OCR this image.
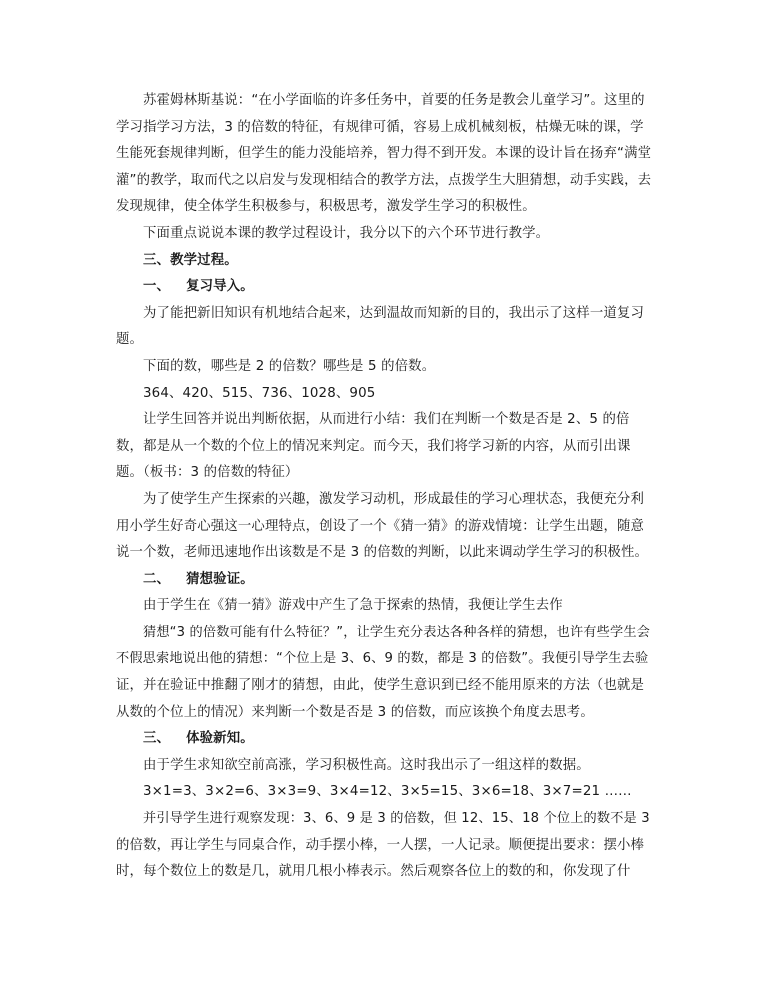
苏霍姆林斯基说：“在小学面临的许多任务中，首要的任务是教会儿童学习”。这里的
学习指学习方法，3 的倍数的特征，有规律可循，容易上成机械刻板，枯燥无味的课，学
生能死套规律判断，但学生的能力没能培养，智力得不到开发。本课的设计旨在扬弃“满堂
灌”的教学，取而代之以启发与发现相结合的教学方法，点拨学生大胆猜想，动手实践，去
发现规律，使全体学生积极参与，积极思考，激发学生学习的积极性。
下面重点说说本课的教学过程设计，我分以下的六个环节进行教学。
三、教学过程。
一、 复习导入。
为了能把新旧知识有机地结合起来，达到温故而知新的目的，我出示了这样一道复习
题。
下面的数，哪些是 2 的倍数？哪些是 5 的倍数。
364、420、515、736、1028、905
让学生回答并说出判断依据，从而进行小结：我们在判断一个数是否是 2、5 的倍
数，都是从一个数的个位上的情况来判定。而今天，我们将学习新的内容，从而引出课
题。（板书：3 的倍数的特征）
为了使学生产生探索的兴趣，激发学习动机，形成最佳的学习心理状态，我便充分利
用小学生好奇心强这一心理特点，创设了一个《猜一猜》的游戏情境：让学生出题，随意
说一个数，老师迅速地作出该数是不是 3 的倍数的判断，以此来调动学生学习的积极性。
二、 猜想验证。
由于学生在《猜一猜》游戏中产生了急于探索的热情，我便让学生去作
猜想“3 的倍数可能有什么特征？”，让学生充分表达各种各样的猜想，也许有些学生会
不假思索地说出他的猜想：“个位上是 3、6、9 的数，都是 3 的倍数”。我便引导学生去验
证，并在验证中推翻了刚才的猜想，由此，使学生意识到已经不能用原来的方法（也就是
从数的个位上的情况）来判断一个数是否是 3 的倍数，而应该换个角度去思考。
三、 体验新知。
由于学生求知欲空前高涨，学习积极性高。这时我出示了一组这样的数据。
3×1=3、3×2=6、3×3=9、3×4=12、3×5=15、3×6=18、3×7=21 ……
并引导学生进行观察发现：3、6、9 是 3 的倍数，但 12、15、18 个位上的数不是 3
的倍数，再让学生与同桌合作，动手摆小棒，一人摆，一人记录。顺便提出要求：摆小棒
时，每个数位上的数是几，就用几根小棒表示。然后观察各位上的数的和，你发现了什
